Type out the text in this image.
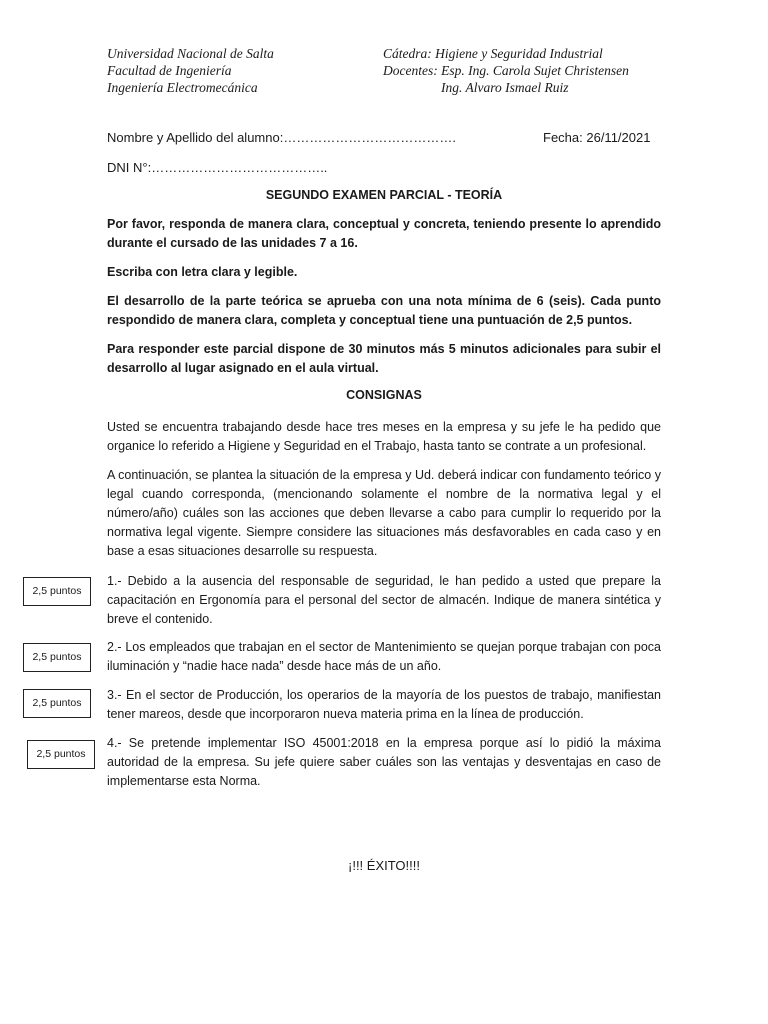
Universidad Nacional de Salta
Facultad de Ingeniería
Ingeniería Electromecánica
Cátedra: Higiene y Seguridad Industrial
Docentes: Esp. Ing. Carola Sujet Christensen
Ing. Alvaro Ismael Ruiz
Nombre y Apellido del alumno:………………………………….	Fecha: 26/11/2021
DNI N°:…………………………………..
SEGUNDO EXAMEN PARCIAL - TEORÍA
Por favor, responda de manera clara, conceptual y concreta, teniendo presente lo aprendido durante el cursado de las unidades 7 a 16.
Escriba con letra clara y legible.
El desarrollo de la parte teórica se aprueba con una nota mínima de 6 (seis). Cada punto respondido de manera clara, completa y conceptual tiene una puntuación de 2,5 puntos.
Para responder este parcial dispone de 30 minutos más 5 minutos adicionales para subir el desarrollo al lugar asignado en el aula virtual.
CONSIGNAS
Usted se encuentra trabajando desde hace tres meses en la empresa y su jefe le ha pedido que organice lo referido a Higiene y Seguridad en el Trabajo, hasta tanto se contrate a un profesional.
A continuación, se plantea la situación de la empresa y Ud. deberá indicar con fundamento teórico y legal cuando corresponda, (mencionando solamente el nombre de la normativa legal y el número/año) cuáles son las acciones que deben llevarse a cabo para cumplir lo requerido por la normativa legal vigente. Siempre considere las situaciones más desfavorables en cada caso y en base a esas situaciones desarrolle su respuesta.
2,5 puntos
1.- Debido a la ausencia del responsable de seguridad, le han pedido a usted que prepare la capacitación en Ergonomía para el personal del sector de almacén. Indique de manera sintética y breve el contenido.
2,5 puntos
2.- Los empleados que trabajan en el sector de Mantenimiento se quejan porque trabajan con poca iluminación y “nadie hace nada” desde hace más de un año.
2,5 puntos
3.- En el sector de Producción, los operarios de la mayoría de los puestos de trabajo, manifiestan tener mareos, desde que incorporaron nueva materia prima en la línea de producción.
2,5 puntos
4.- Se pretende implementar ISO 45001:2018 en la empresa porque así lo pidió la máxima autoridad de la empresa. Su jefe quiere saber cuáles son las ventajas y desventajas en caso de implementarse esta Norma.
¡!!! ÉXITO!!!!
